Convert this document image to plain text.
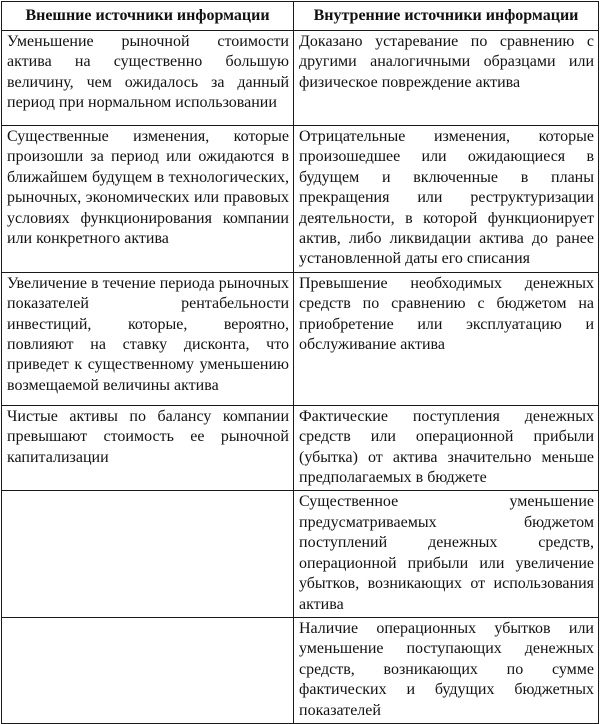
Внешние источники информации	Внутренние источники информации
Уменьшение рыночной стоимости актива на существенно большую величину, чем ожидалось за данный период при нормальном использовании	Доказано устаревание по сравнению с другими аналогичными образцами или физическое повреждение актива
Существенные изменения, которые произошли за период или ожидаются в ближайшем будущем в технологических, рыночных, экономических или правовых условиях функционирования компании или конкретного актива	Отрицательные изменения, которые произошедшее или ожидающиеся в будущем и включенные в планы прекращения или реструктуризации деятельности, в которой функционирует актив, либо ликвидации актива до ранее установленной даты его списания
Увеличение в течение периода рыночных показателей рентабельности инвестиций, которые, вероятно, повлияют на ставку дисконта, что приведет к существенному уменьшению возмещаемой величины актива	Превышение необходимых денежных средств по сравнению с бюджетом на приобретение или эксплуатацию и обслуживание актива
Чистые активы по балансу компании превышают стоимость ее рыночной капитализации	Фактические поступления денежных средств или операционной прибыли (убытка) от актива значительно меньше предполагаемых в бюджете
	Существенное уменьшение предусматриваемых бюджетом поступлений денежных средств, операционной прибыли или увеличение убытков, возникающих от использования актива
	Наличие операционных убытков или уменьшение поступающих денежных средств, возникающих по сумме фактических и будущих бюджетных показателей
